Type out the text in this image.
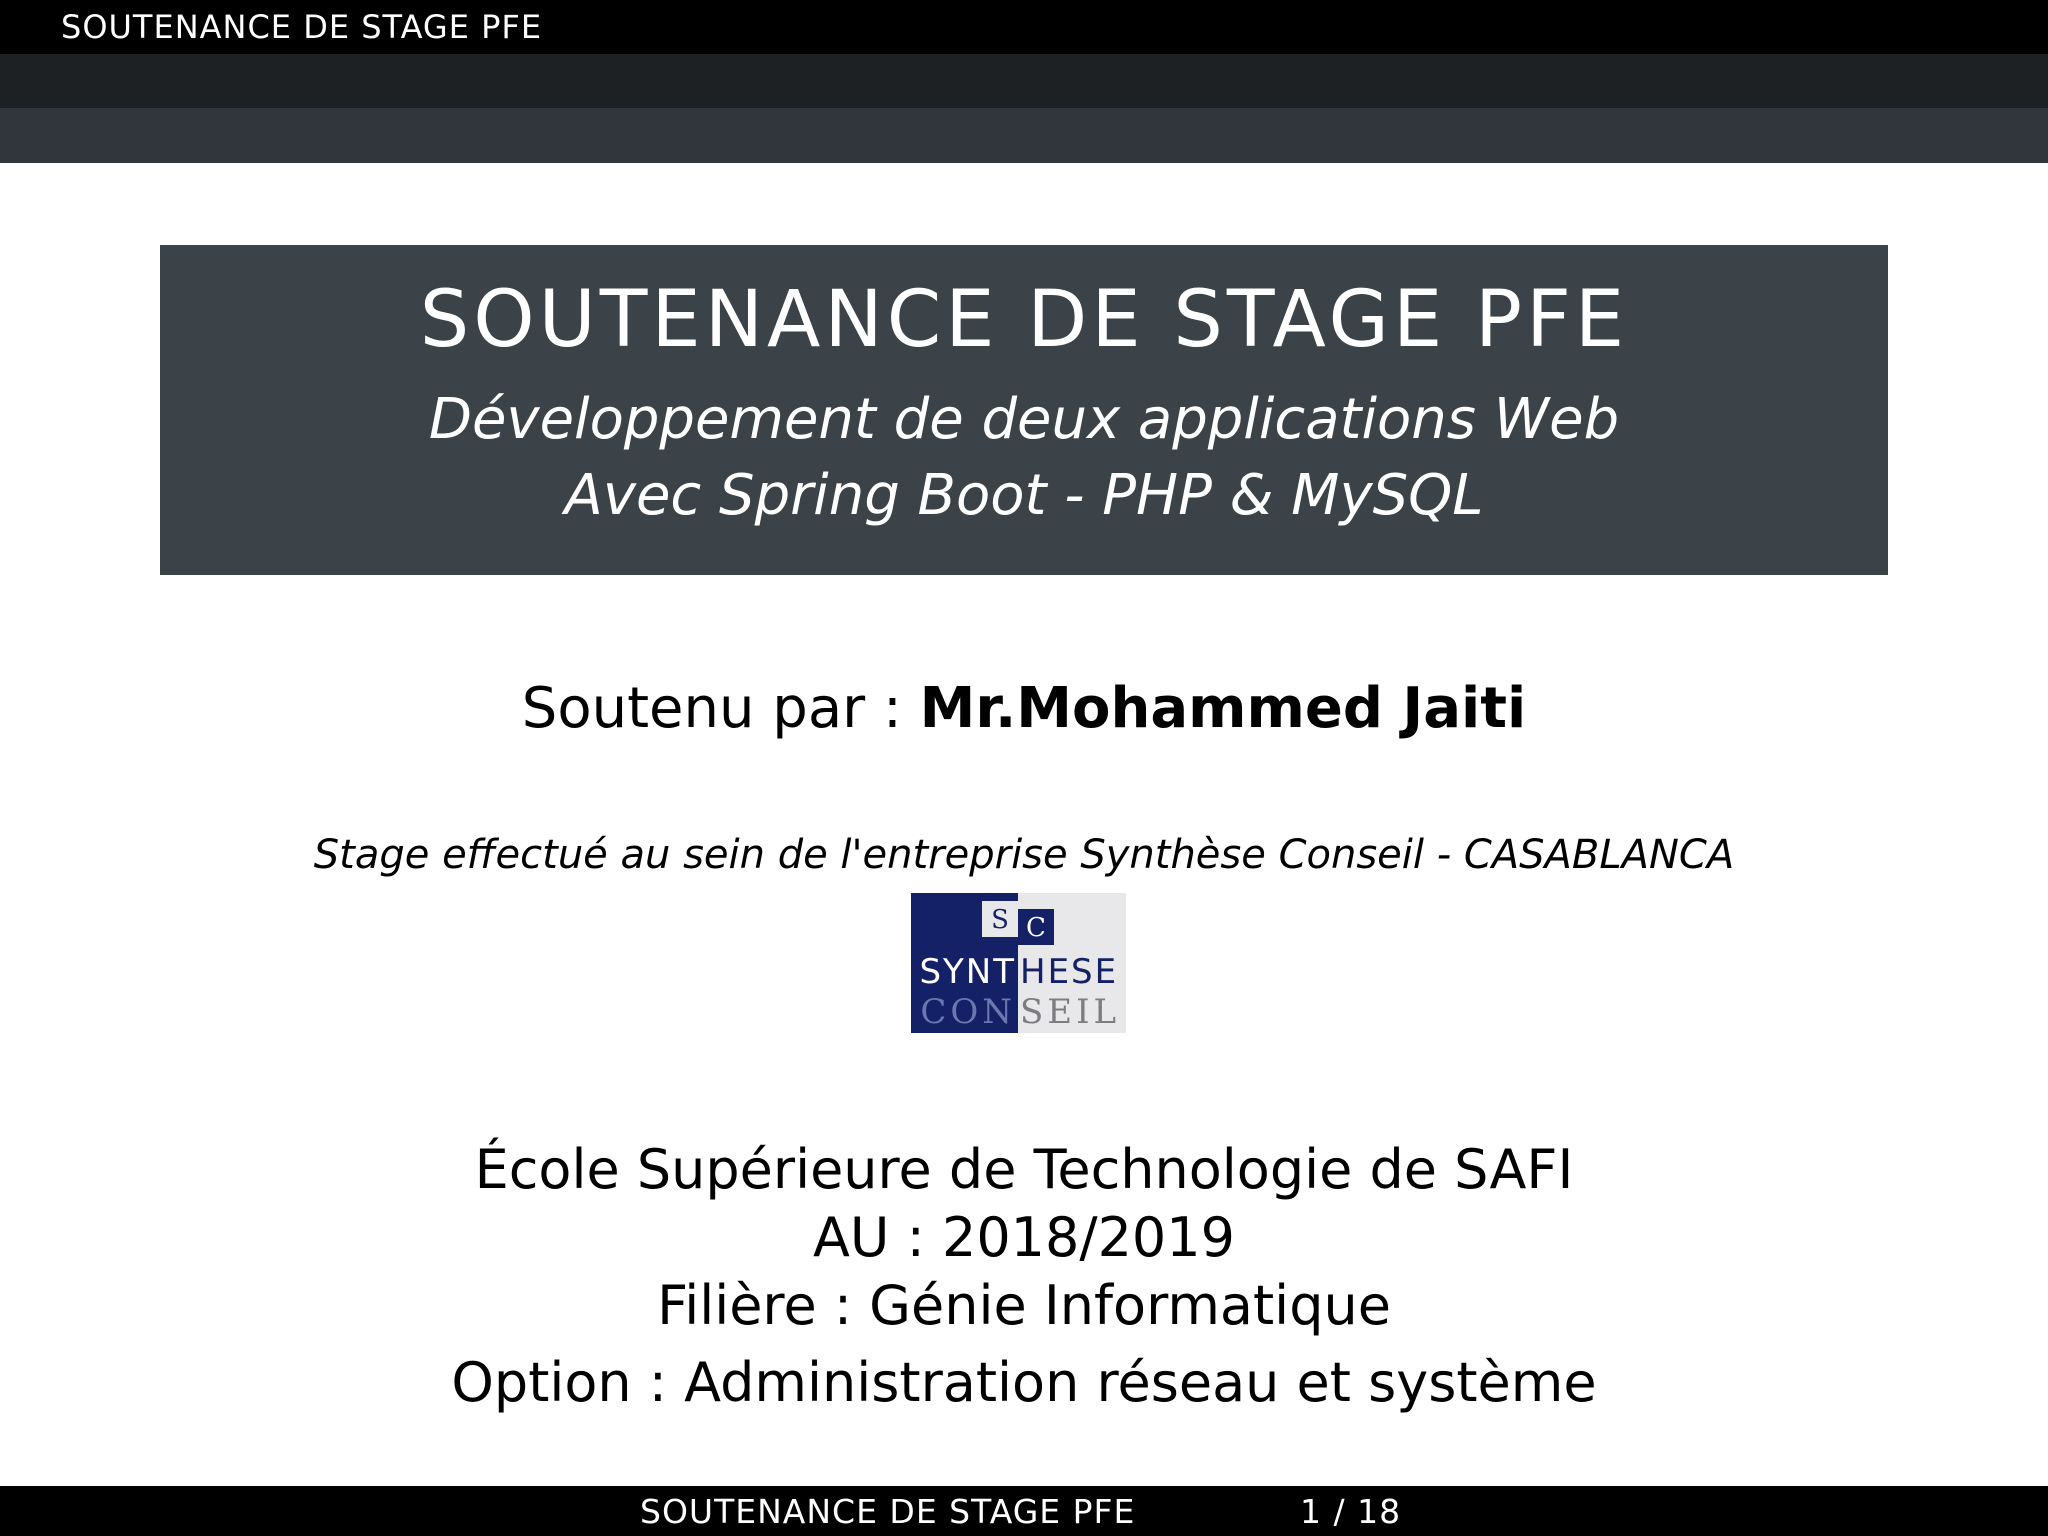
SOUTENANCE DE STAGE PFE
SOUTENANCE DE STAGE PFE
Développement de deux applications Web
Avec Spring Boot - PHP & MySQL
Soutenu par : Mr.Mohammed Jaiti
Stage effectué au sein de l'entreprise Synthèse Conseil - CASABLANCA
S C
SYNT HESE
CON SEIL
École Supérieure de Technologie de SAFI
AU : 2018/2019
Filière : Génie Informatique
Option : Administration réseau et système
SOUTENANCE DE STAGE PFE	1 / 18
